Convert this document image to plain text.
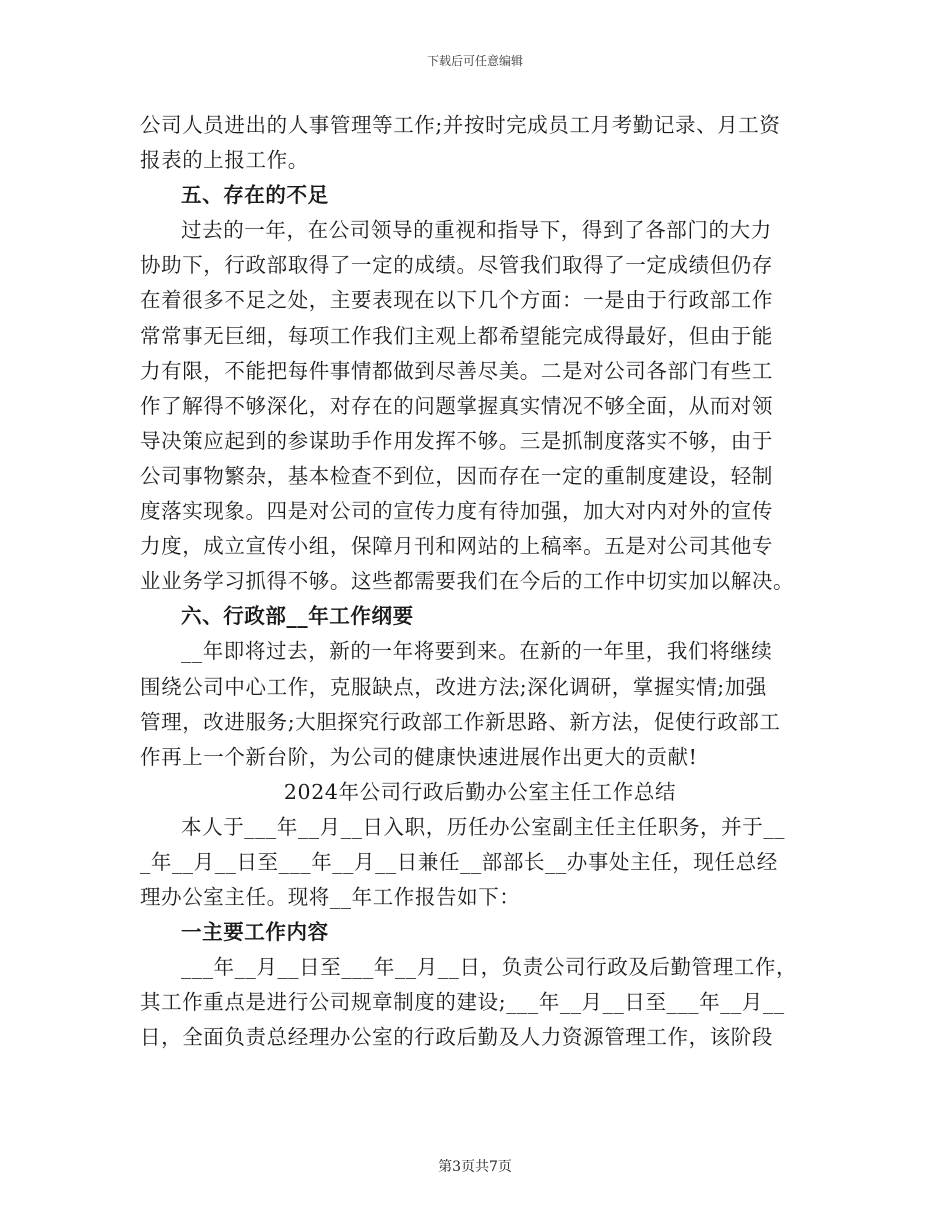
下载后可任意编辑
公司人员进出的人事管理等工作;并按时完成员工月考勤记录、月工资
报表的上报工作。
五、存在的不足
过去的一年，在公司领导的重视和指导下，得到了各部门的大力
协助下，行政部取得了一定的成绩。尽管我们取得了一定成绩但仍存
在着很多不足之处，主要表现在以下几个方面：一是由于行政部工作
常常事无巨细，每项工作我们主观上都希望能完成得最好，但由于能
力有限，不能把每件事情都做到尽善尽美。二是对公司各部门有些工
作了解得不够深化，对存在的问题掌握真实情况不够全面，从而对领
导决策应起到的参谋助手作用发挥不够。三是抓制度落实不够，由于
公司事物繁杂，基本检查不到位，因而存在一定的重制度建设，轻制
度落实现象。四是对公司的宣传力度有待加强，加大对内对外的宣传
力度，成立宣传小组，保障月刊和网站的上稿率。五是对公司其他专
业业务学习抓得不够。这些都需要我们在今后的工作中切实加以解决。
六、行政部__年工作纲要
__年即将过去，新的一年将要到来。在新的一年里，我们将继续
围绕公司中心工作，克服缺点，改进方法;深化调研，掌握实情;加强
管理，改进服务;大胆探究行政部工作新思路、新方法，促使行政部工
作再上一个新台阶，为公司的健康快速进展作出更大的贡献!
2024年公司行政后勤办公室主任工作总结
本人于___年__月__日入职，历任办公室副主任主任职务，并于__
_年__月__日至___年__月__日兼任__部部长__办事处主任，现任总经
理办公室主任。现将__年工作报告如下：
一主要工作内容
___年__月__日至___年__月__日，负责公司行政及后勤管理工作，
其工作重点是进行公司规章制度的建设;___年__月__日至___年__月__
日，全面负责总经理办公室的行政后勤及人力资源管理工作，该阶段
第3页共7页
